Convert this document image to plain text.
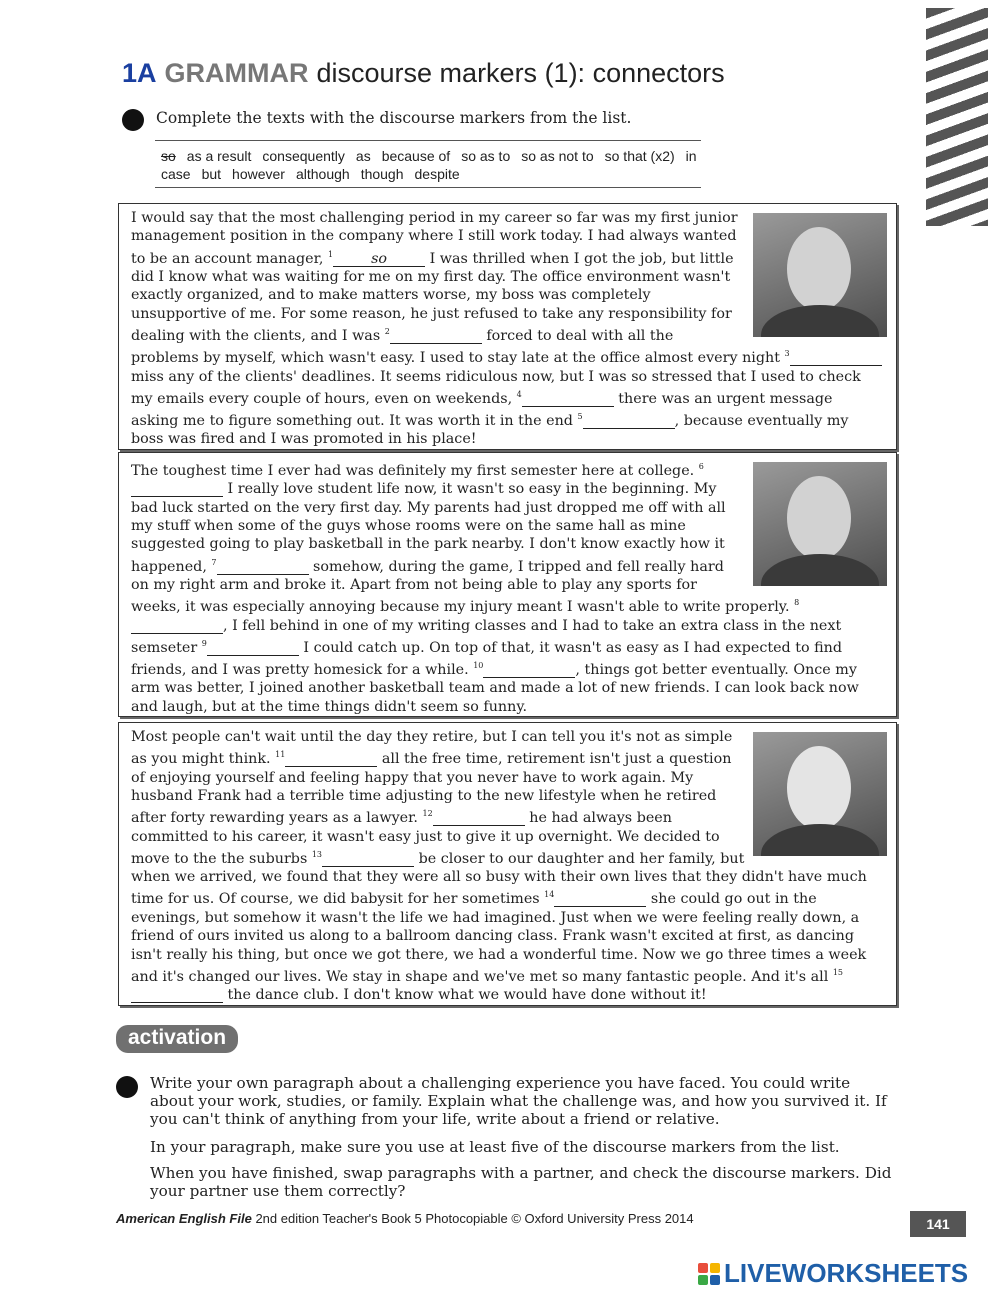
1A GRAMMAR discourse markers (1): connectors
Complete the texts with the discourse markers from the list.
so as a result consequently as because of so as to so as not to so that (x2) in case but however although though despite

I would say that the most challenging period in my career so far was my first junior management position in the company where I still work today. I had always wanted to be an account manager, $^1$	so	I was thrilled when I got the job, but little did I know what was waiting for me on my first day. The office environment wasn't exactly organized, and to make matters worse, my boss was completely unsupportive of me. For some reason, he just refused to take any responsibility for dealing with the clients, and I was $^2$	forced to deal with all the problems by myself, which wasn't easy. I used to stay late at the office almost every night $^3$  miss any of the clients' deadlines. It seems ridiculous now, but I was so stressed that I used to check my emails every couple of hours, even on weekends, $^4$	there was an urgent message asking me to figure something out. It was worth it in the end $^5$	, because eventually my boss was fired and I was promoted in his place!

The toughest time I ever had was definitely my first semester here at college. $^6$  I really love student life now, it wasn't so easy in the beginning. My bad luck started on the very first day. My parents had just dropped me off with all my stuff when some of the guys whose rooms were on the same hall as mine suggested going to play basketball in the park nearby. I don't know exactly how it happened, $^7$	somehow, during the game, I tripped and fell really hard on my right arm and broke it. Apart from not being able to play any sports for weeks, it was especially annoying because my injury meant I wasn't able to write properly. $^8$ , I fell behind in one of my writing classes and I had to take an extra class in the next semseter $^9$	I could catch up. On top of that, it wasn't as easy as I had expected to find friends, and I was pretty homesick for a while. $^{10}$	, things got better eventually. Once my arm was better, I joined another basketball team and made a lot of new friends. I can look back now and laugh, but at the time things didn't seem so funny.

Most people can't wait until the day they retire, but I can tell you it's not as simple as you might think. $^{11}$	all the free time, retirement isn't just a question of enjoying yourself and feeling happy that you never have to work again. My husband Frank had a terrible time adjusting to the new lifestyle when he retired after forty rewarding years as a lawyer. $^{12}$	he had always been committed to his career, it wasn't easy just to give it up overnight. We decided to move to the the suburbs $^{13}$	be closer to our daughter and her family, but when we arrived, we found that they were all so busy with their own lives that they didn't have much time for us. Of course, we did babysit for her sometimes $^{14}$	she could go out in the evenings, but somehow it wasn't the life we had imagined. Just when we were feeling really down, a friend of ours invited us along to a ballroom dancing class. Frank wasn't excited at first, as dancing isn't really his thing, but once we got there, we had a wonderful time. Now we go three times a week and it's changed our lives. We stay in shape and we've met so many fantastic people. And it's all $^{15}$  the dance club. I don't know what we would have done without it!

activation

Write your own paragraph about a challenging experience you have faced. You could write about your work, studies, or family. Explain what the challenge was, and how you survived it. If you can't think of anything from your life, write about a friend or relative.

In your paragraph, make sure you use at least five of the discourse markers from the list.

When you have finished, swap paragraphs with a partner, and check the discourse markers. Did your partner use them correctly?

American English File 2nd edition Teacher's Book 5 Photocopiable © Oxford University Press 2014	141
LIVEWORKSHEETS
